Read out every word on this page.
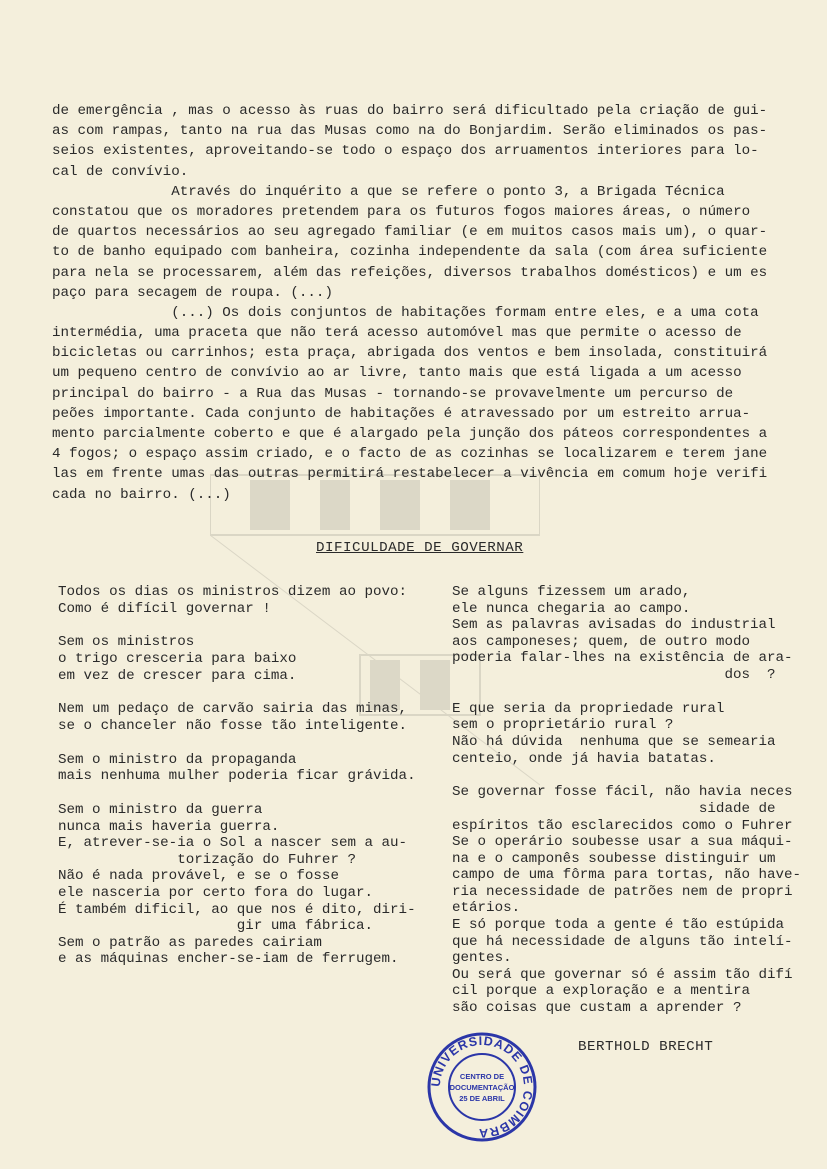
de emergência , mas o acesso às ruas do bairro será dificultado pela criação de gui-
as com rampas, tanto na rua das Musas como na do Bonjardim. Serão eliminados os pas-
seios existentes, aproveitando-se todo o espaço dos arruamentos interiores para lo-
cal de convívio.
Através do inquérito a que se refere o ponto 3, a Brigada Técnica
constatou que os moradores pretendem para os futuros fogos maiores áreas, o número
de quartos necessários ao seu agregado familiar (e em muitos casos mais um), o quar-
to de banho equipado com banheira, cozinha independente da sala (com área suficiente
para nela se processarem, além das refeições, diversos trabalhos domésticos) e um es
paço para secagem de roupa. (...)
(...) Os dois conjuntos de habitações formam entre eles, e a uma cota
intermédia, uma praceta que não terá acesso automóvel mas que permite o acesso de
bicicletas ou carrinhos; esta praça, abrigada dos ventos e bem insolada, constituirá
um pequeno centro de convívio ao ar livre, tanto mais que está ligada a um acesso
principal do bairro - a Rua das Musas - tornando-se provavelmente um percurso de
peões importante. Cada conjunto de habitações é atravessado por um estreito arrua-
mento parcialmente coberto e que é alargado pela junção dos páteos correspondentes a
4 fogos; o espaço assim criado, e o facto de as cozinhas se localizarem e terem jane
las em frente umas das outras permitirá restabelecer a vivência em comum hoje verifi
cada no bairro. (...)
DIFICULDADE DE GOVERNAR
Todos os dias os ministros dizem ao povo:
Como é difícil governar !
Sem os ministros
o trigo cresceria para baixo
em vez de crescer para cima.
Nem um pedaço de carvão sairia das minas,
se o chanceler não fosse tão inteligente.
Sem o ministro da propaganda
mais nenhuma mulher poderia ficar grávida.
Sem o ministro da guerra
nunca mais haveria guerra.
E, atrever-se-ia o Sol a nascer sem a au-
torização do Fuhrer ?
Não é nada provável, e se o fosse
ele nasceria por certo fora do lugar.
É também dificil, ao que nos é dito, diri-
gir uma fábrica.
Sem o patrão as paredes cairiam
e as máquinas encher-se-iam de ferrugem.
Se alguns fizessem um arado,
ele nunca chegaria ao campo.
Sem as palavras avisadas do industrial
aos camponeses; quem, de outro modo
poderia falar-lhes na existência de ara-
dos  ?
E que seria da propriedade rural
sem o proprietário rural ?
Não há dúvida  nenhuma que se semearia
centeio, onde já havia batatas.
Se governar fosse fácil, não havia neces
sidade de
espíritos tão esclarecidos como o Fuhrer
Se o operário soubesse usar a sua máqui-
na e o camponês soubesse distinguir um
campo de uma fôrma para tortas, não have-
ria necessidade de patrões nem de propri
etários.
E só porque toda a gente é tão estúpida
que há necessidade de alguns tão intelí-
gentes.
Ou será que governar só é assim tão difí
cil porque a exploração e a mentira
são coisas que custam a aprender ?
BERTHOLD BRECHT
UNIVERSIDADE DE COIMBRA
CENTRO DE
DOCUMENTAÇÃO
25 DE ABRIL
